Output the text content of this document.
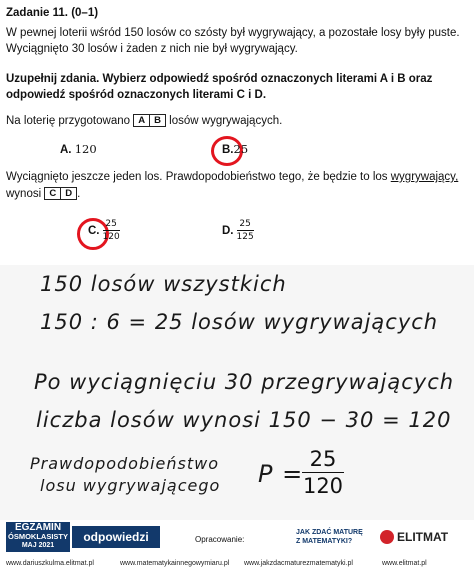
Zadanie 11. (0–1)
W pewnej loterii wśród 150 losów co szósty był wygrywający, a pozostałe losy były puste.
Wyciągnięto 30 losów i żaden z nich nie był wygrywający.
Uzupełnij zdania. Wybierz odpowiedź spośród oznaczonych literami A i B oraz
odpowiedź spośród oznaczonych literami C i D.
Na loterię przygotowano A B losów wygrywających.
A. 120	B.25
Wyciągnięto jeszcze jeden los. Prawdopodobieństwo tego, że będzie to los wygrywający,
wynosi C D .
C. $\frac{25}{120}$	D. $\frac{25}{125}$
150 losów wszystkich
150 : 6 = 25 losów wygrywających
Po wyciągnięciu 30 przegrywających
liczba losów wynosi 150 − 30 = 120
Prawdopodobieństwo
losu wygrywającego P =
25
120
EGZAMIN
ÓSMOKLASISTY
MAJ 2021
odpowiedzi	Opracowanie:
JAK ZDAĆ MATURĘ
Z MATEMATYKI?	ELITMAT
www.dariuszkulma.elitmat.pl	www.matematykainnegowymiaru.pl www.jakzdacmaturezmatematyki.pl	www.elitmat.pl
